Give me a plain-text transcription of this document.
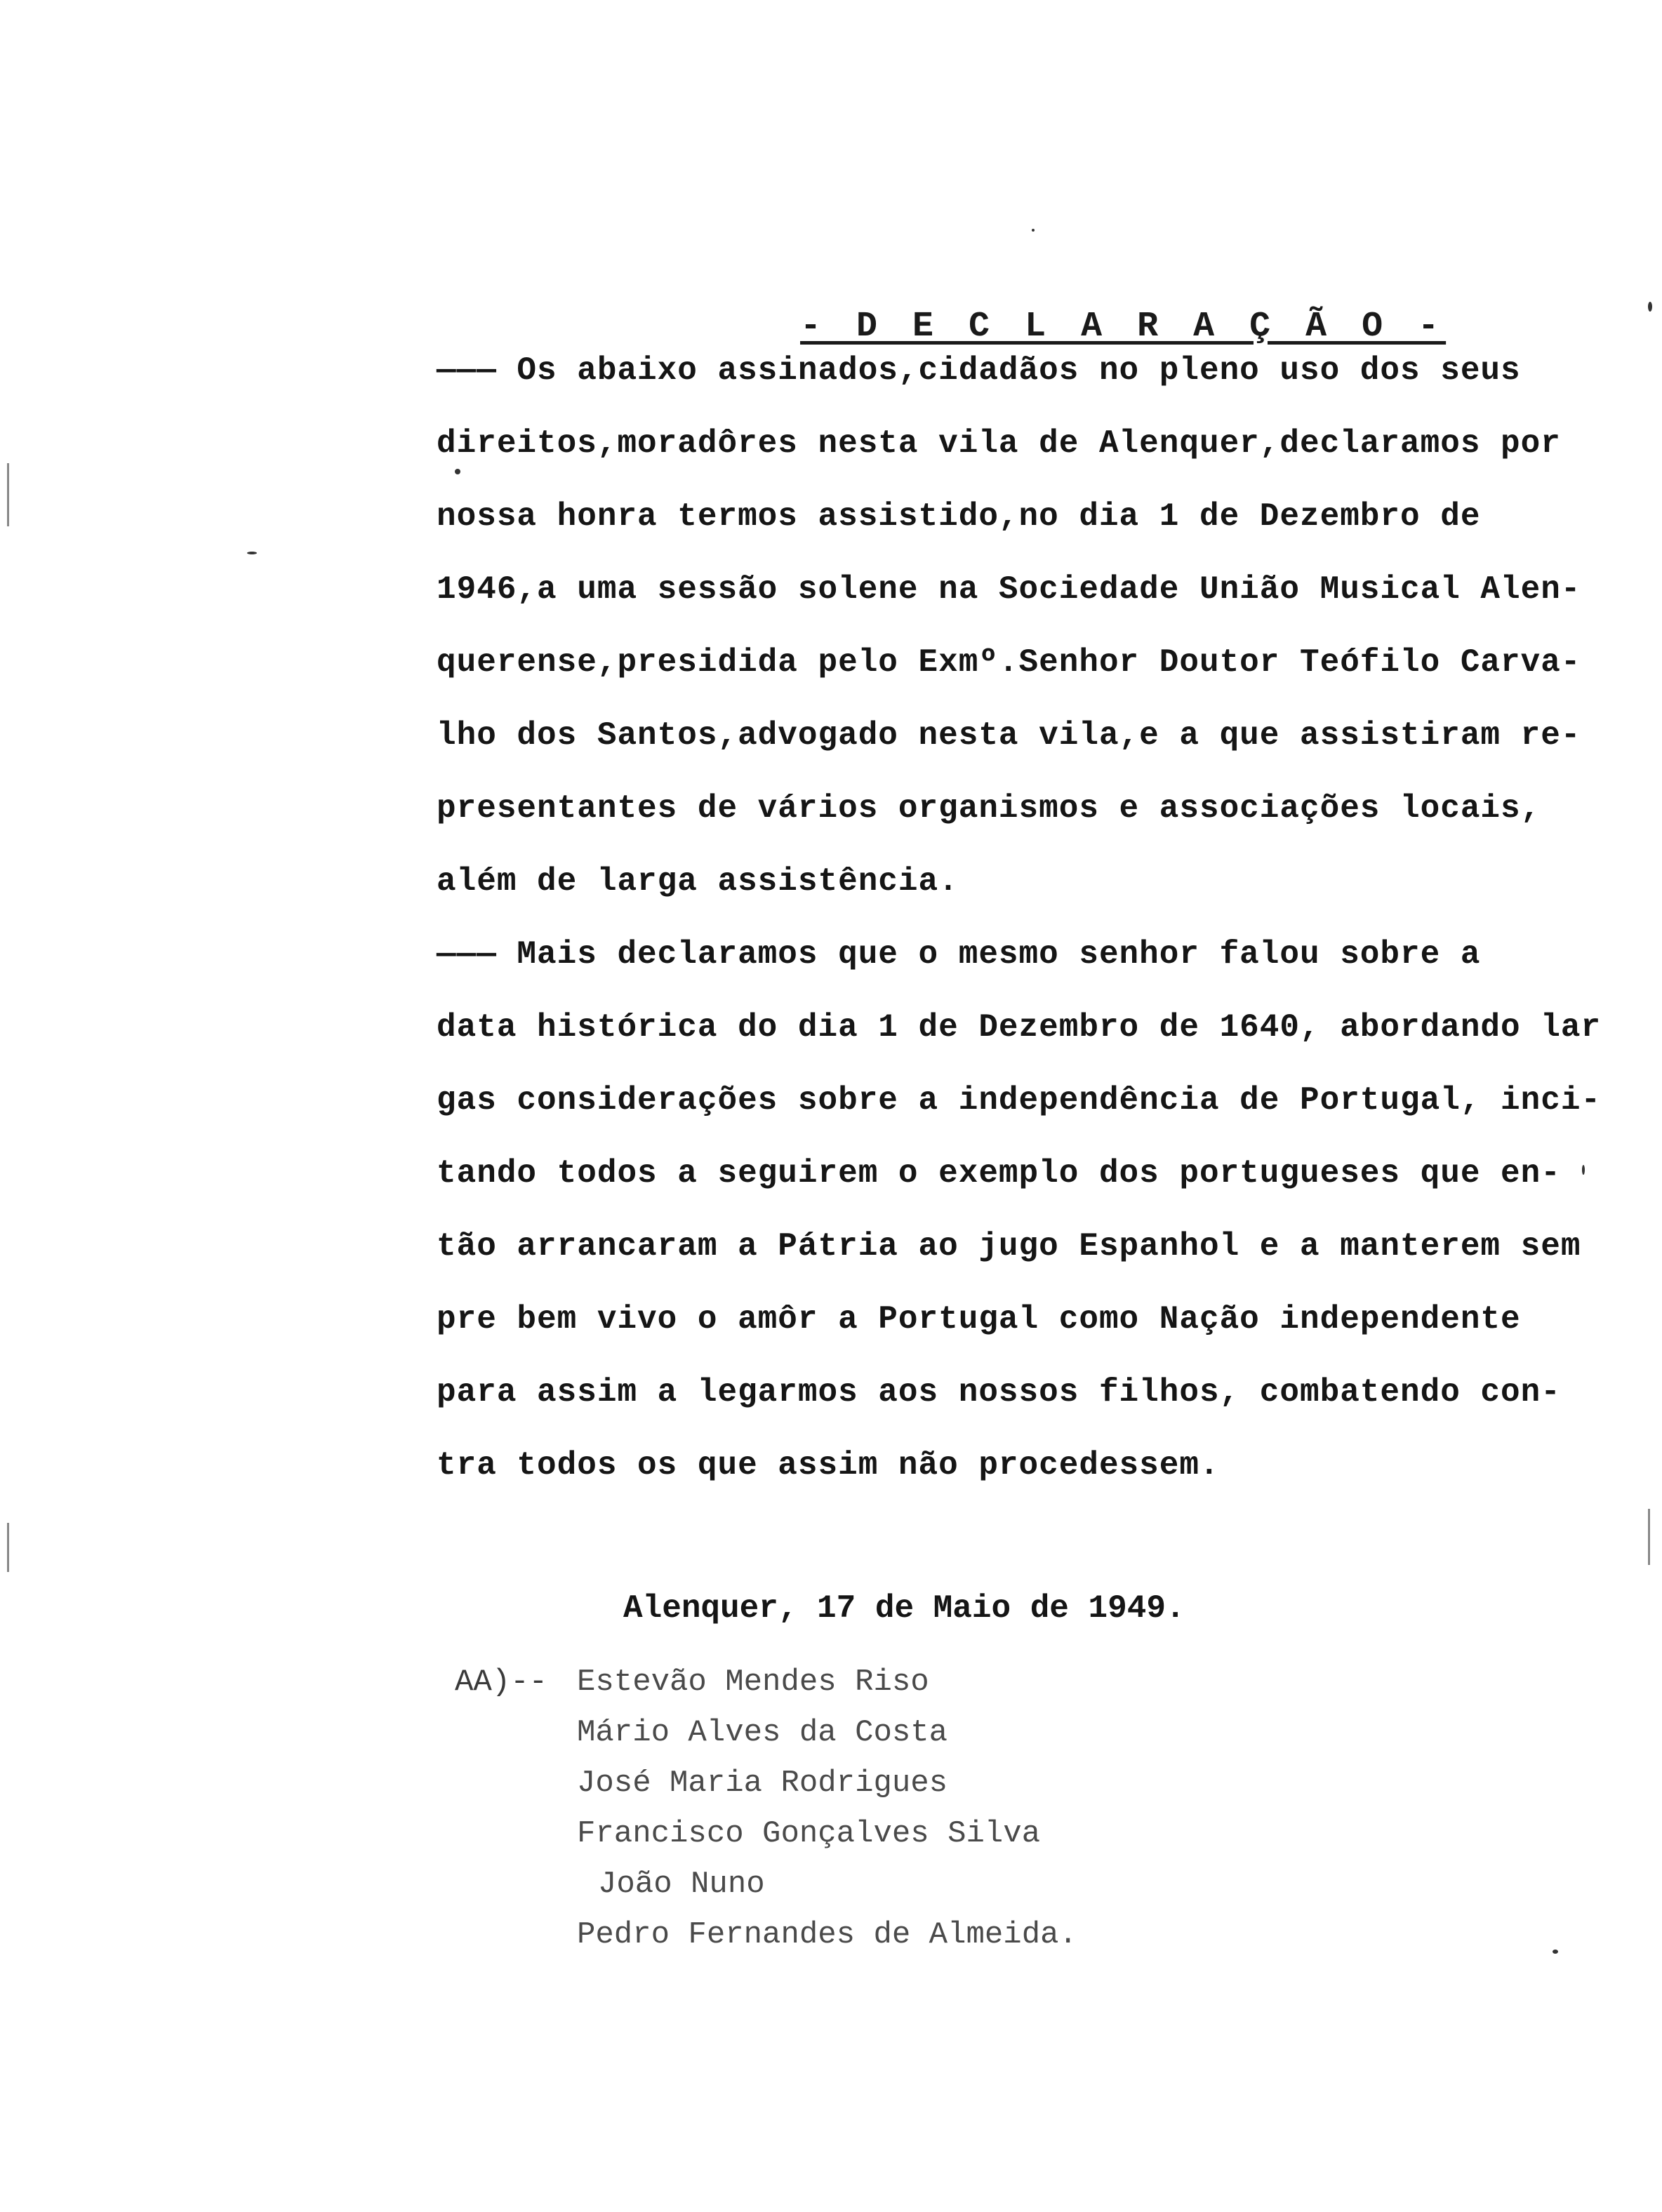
- D E C L A R A Ç Ã O -

——— Os abaixo assinados,cidadãos no pleno uso dos seus
direitos,moradôres nesta vila de Alenquer,declaramos por
nossa honra termos assistido,no dia 1 de Dezembro de
1946,a uma sessão solene na Sociedade União Musical Alen-
querense,presidida pelo Exmº.Senhor Doutor Teófilo Carva-
lho dos Santos,advogado nesta vila,e a que assistiram re-
presentantes de vários organismos e associações locais,
além de larga assistência.
——— Mais declaramos que o mesmo senhor falou sobre a
data histórica do dia 1 de Dezembro de 1640, abordando lar
gas considerações sobre a independência de Portugal, inci-
tando todos a seguirem o exemplo dos portugueses que en-
tão arrancaram a Pátria ao jugo Espanhol e a manterem sem
pre bem vivo o amôr a Portugal como Nação independente
para assim a legarmos aos nossos filhos, combatendo con-
tra todos os que assim não procedessem.
Alenquer, 17 de Maio de 1949.
AA)-- Estevão Mendes Riso
Mário Alves da Costa
José Maria Rodrigues
Francisco Gonçalves Silva
João Nuno
Pedro Fernandes de Almeida.
